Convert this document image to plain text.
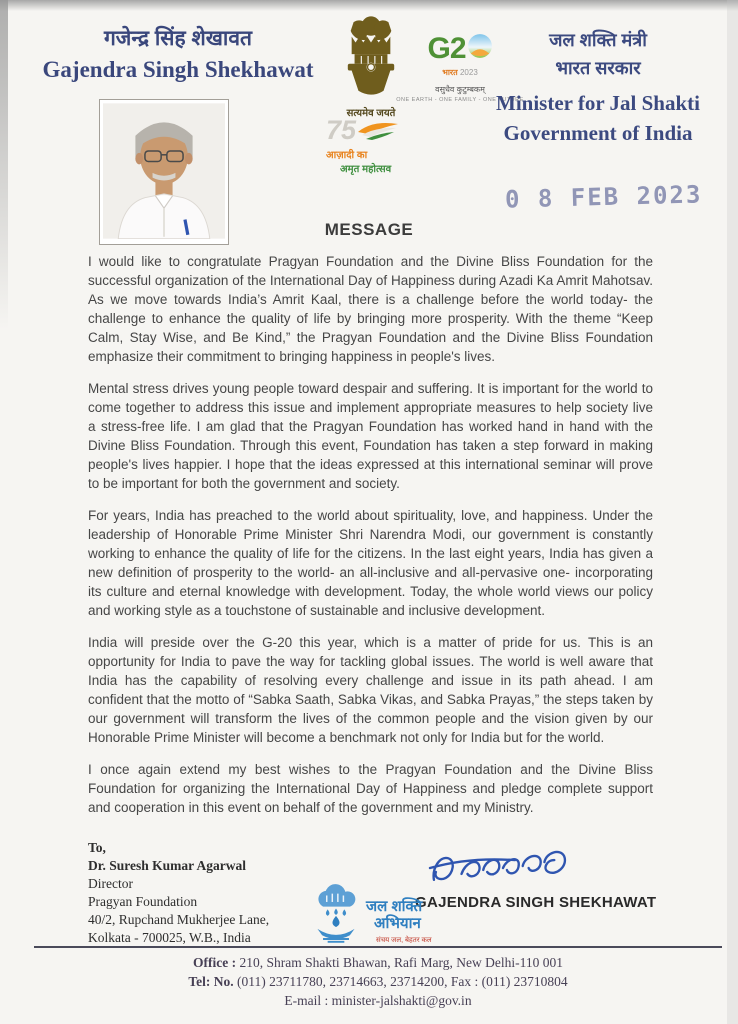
गजेन्द्र सिंह शेखावत
Gajendra Singh Shekhawat
सत्यमेव जयते
G2
भारत 2023
वसुधैव कुटुम्बकम्
ONE EARTH - ONE FAMILY - ONE FUTURE
75
आज़ादी का
अमृत महोत्सव
जल शक्ति मंत्री
भारत सरकार
Minister for Jal Shakti
Government of India
0 8 FEB 2023
MESSAGE

I would like to congratulate Pragyan Foundation and the Divine Bliss Foundation for the successful organization of the International Day of Happiness during Azadi Ka Amrit Mahotsav. As we move towards India’s Amrit Kaal, there is a challenge before the world today- the challenge to enhance the quality of life by bringing more prosperity. With the theme “Keep Calm, Stay Wise, and Be Kind,” the Pragyan Foundation and the Divine Bliss Foundation emphasize their commitment to bringing happiness in people's lives.

Mental stress drives young people toward despair and suffering. It is important for the world to come together to address this issue and implement appropriate measures to help society live a stress-free life. I am glad that the Pragyan Foundation has worked hand in hand with the Divine Bliss Foundation. Through this event, Foundation has taken a step forward in making people's lives happier. I hope that the ideas expressed at this international seminar will prove to be important for both the government and society.

For years, India has preached to the world about spirituality, love, and happiness. Under the leadership of Honorable Prime Minister Shri Narendra Modi, our government is constantly working to enhance the quality of life for the citizens. In the last eight years, India has given a new definition of prosperity to the world- an all-inclusive and all-pervasive one- incorporating its culture and eternal knowledge with development. Today, the whole world views our policy and working style as a touchstone of sustainable and inclusive development.

India will preside over the G-20 this year, which is a matter of pride for us. This is an opportunity for India to pave the way for tackling global issues. The world is well aware that India has the capability of resolving every challenge and issue in its path ahead. I am confident that the motto of “Sabka Saath, Sabka Vikas, and Sabka Prayas,” the steps taken by our government will transform the lives of the common people and the vision given by our Honorable Prime Minister will become a benchmark not only for India but for the world.

I once again extend my best wishes to the Pragyan Foundation and the Divine Bliss Foundation for organizing the International Day of Happiness and pledge complete support and cooperation in this event on behalf of the government and my Ministry.

To,
Dr. Suresh Kumar Agarwal
Director
Pragyan Foundation
40/2, Rupchand Mukherjee Lane,
Kolkata - 700025, W.B., India
GAJENDRA SINGH SHEKHAWAT
जल शक्ति
अभियान
संचय जल, बेहतर कल
Office : 210, Shram Shakti Bhawan, Rafi Marg, New Delhi-110 001
Tel: No. (011) 23711780, 23714663, 23714200, Fax : (011) 23710804
E-mail : minister-jalshakti@gov.in
